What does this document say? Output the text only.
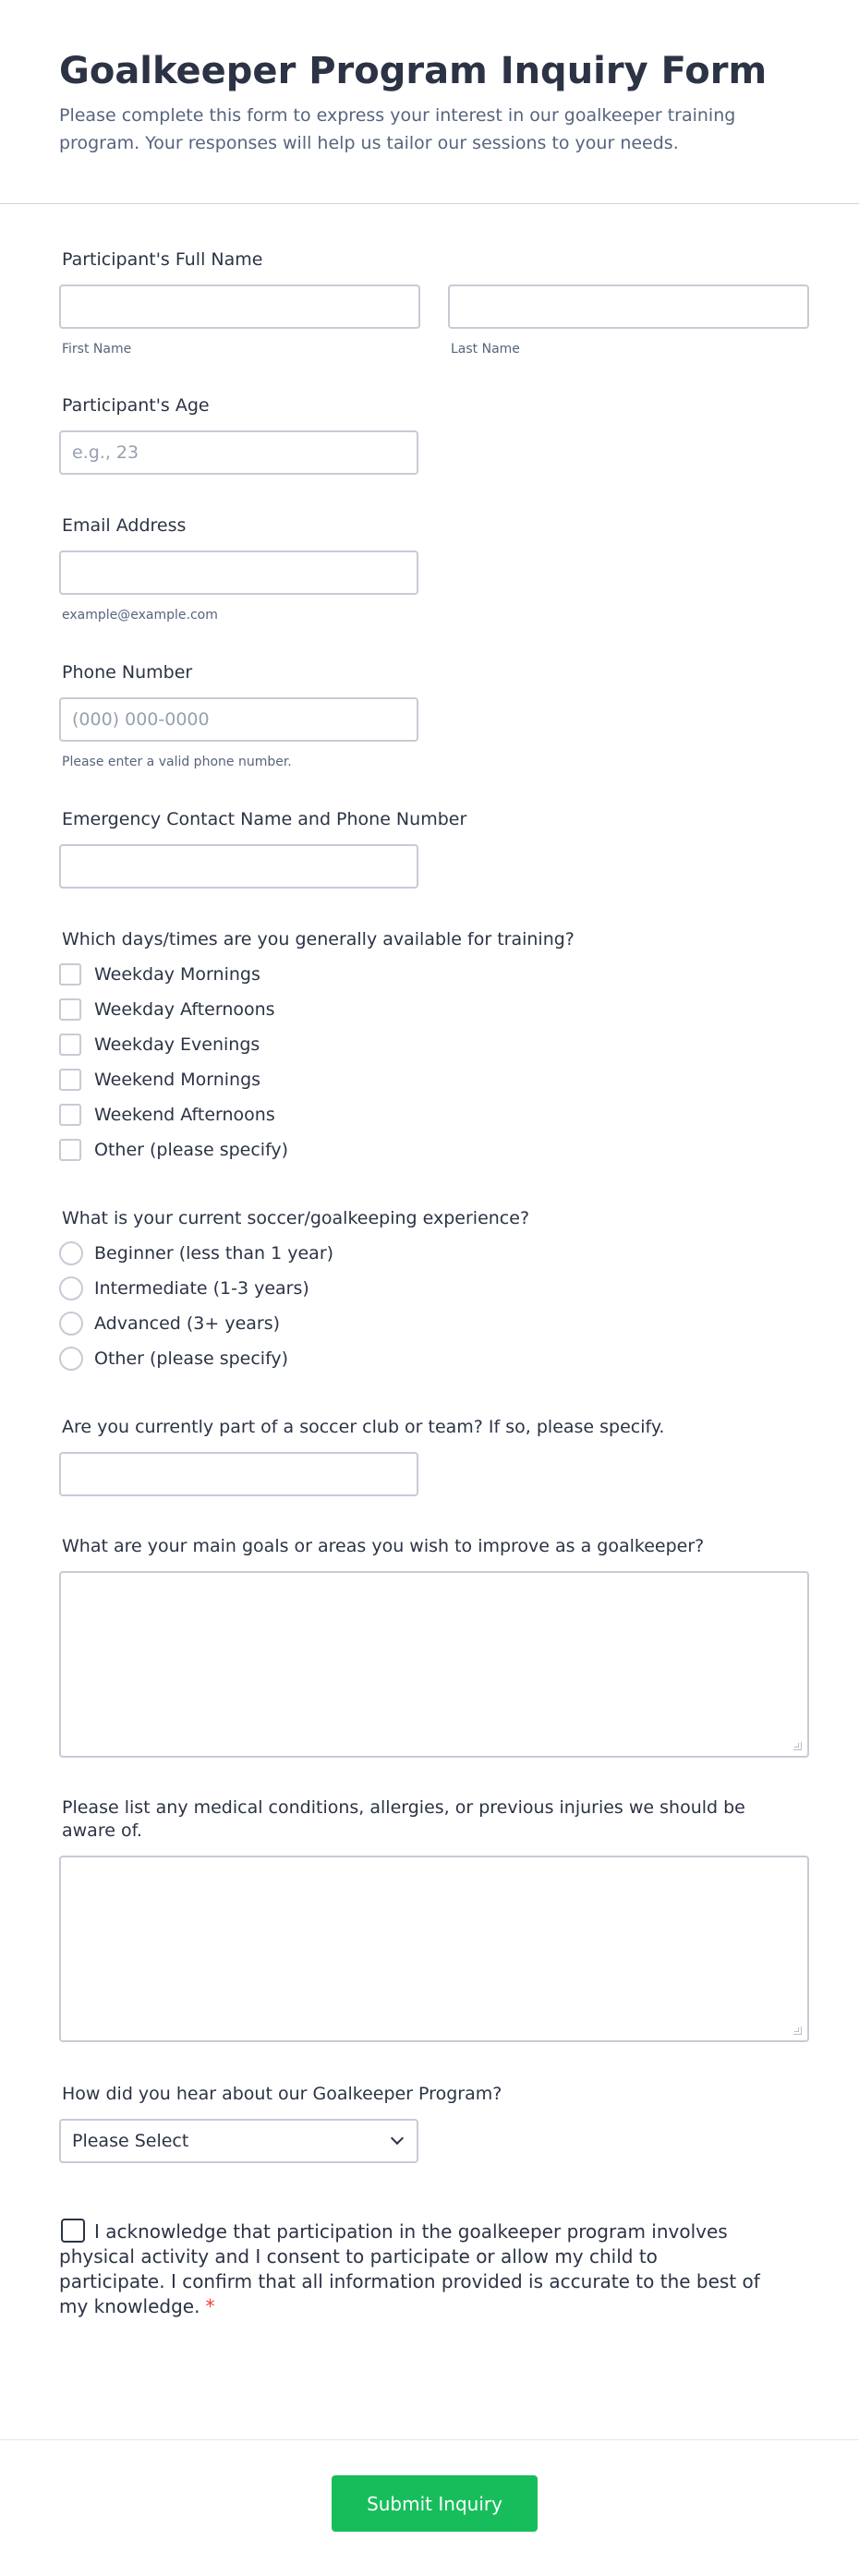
Goalkeeper Program Inquiry Form

Please complete this form to express your interest in our goalkeeper training program. Your responses will help us tailor our sessions to your needs.

Participant's Full Name
First Name	Last Name
Participant's Age
e.g., 23
Email Address
example@example.com
Phone Number
(000) 000-0000
Please enter a valid phone number.
Emergency Contact Name and Phone Number
Which days/times are you generally available for training?
Weekday Mornings
Weekday Afternoons
Weekday Evenings
Weekend Mornings
Weekend Afternoons
Other (please specify)
What is your current soccer/goalkeeping experience?
Beginner (less than 1 year)
Intermediate (1-3 years)
Advanced (3+ years)
Other (please specify)
Are you currently part of a soccer club or team? If so, please specify.
What are your main goals or areas you wish to improve as a goalkeeper?
Please list any medical conditions, allergies, or previous injuries we should be aware of.
How did you hear about our Goalkeeper Program?
Please Select
I acknowledge that participation in the goalkeeper program involves physical activity and I consent to participate or allow my child to participate. I confirm that all information provided is accurate to the best of my knowledge. *
Submit Inquiry
